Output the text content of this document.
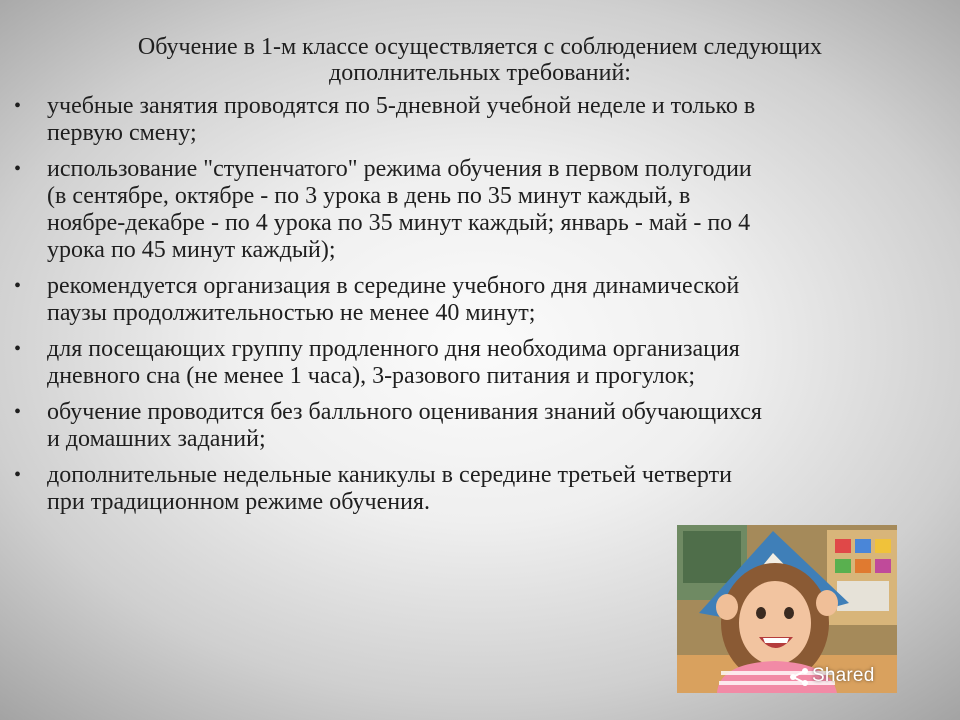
Обучение в 1-м классе осуществляется с соблюдением следующих
дополнительных требований:
• учебные занятия проводятся по 5-дневной учебной неделе и только в
первую смену;
• использование "ступенчатого" режима обучения в первом полугодии
(в сентябре, октябре - по 3 урока в день по 35 минут каждый, в
ноябре-декабре - по 4 урока по 35 минут каждый; январь - май - по 4
урока по 45 минут каждый);
• рекомендуется организация в середине учебного дня динамической
паузы продолжительностью не менее 40 минут;
• для посещающих группу продленного дня необходима организация
дневного сна (не менее 1 часа), 3-разового питания и прогулок;
• обучение проводится без балльного оценивания знаний обучающихся
и домашних заданий;
• дополнительные недельные каникулы в середине третьей четверти
при традиционном режиме обучения.
Shared
